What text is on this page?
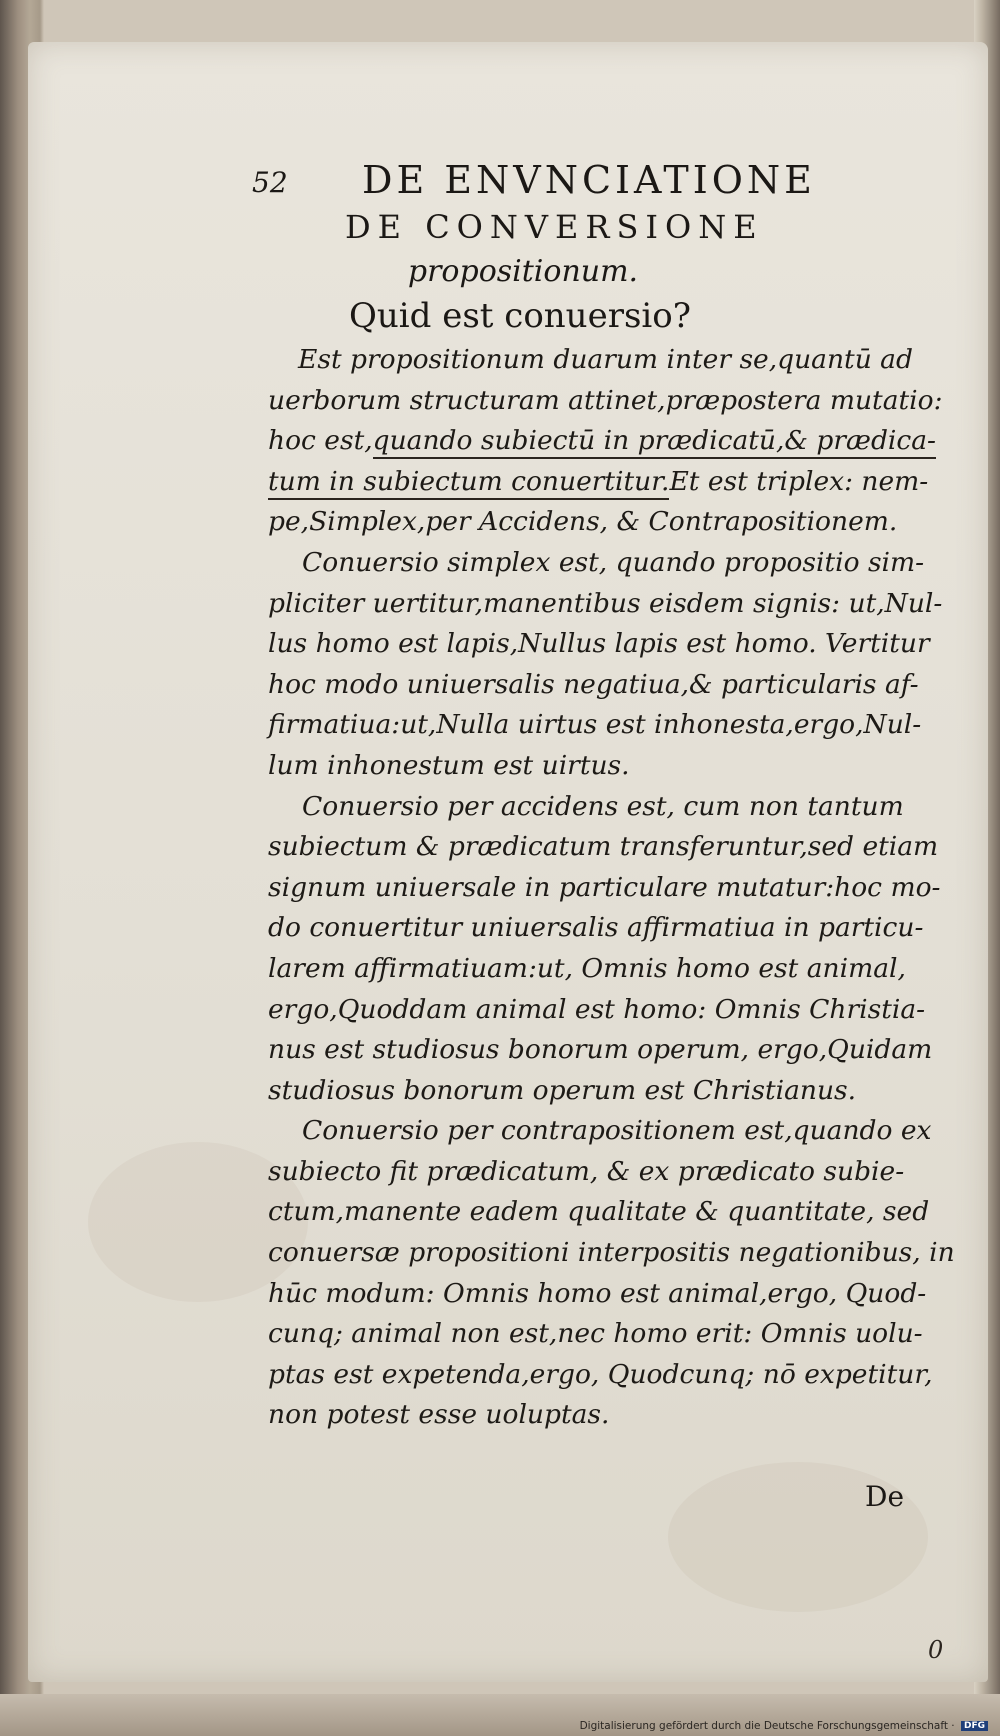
52 DE ENVNCIATIONE
DE CONVERSIONE
propositionum.
Quid est conuersio?
Est propositionum duarum inter se,quantū ad
uerborum structuram attinet,præpostera mutatio:
hoc est,quando subiectū in prædicatū,& prædica-
tum in subiectum conuertitur.Et est triplex: nem-
pe,Simplex,per Accidens, & Contrapositionem.
Conuersio simplex est, quando propositio sim-
pliciter uertitur,manentibus eisdem signis: ut,Nul-
lus homo est lapis,Nullus lapis est homo. Vertitur
hoc modo uniuersalis negatiua,& particularis af-
firmatiua:ut,Nulla uirtus est inhonesta,ergo,Nul-
lum inhonestum est uirtus.
Conuersio per accidens est, cum non tantum
subiectum & prædicatum transferuntur,sed etiam
signum uniuersale in particulare mutatur:hoc mo-
do conuertitur uniuersalis affirmatiua in particu-
larem affirmatiuam:ut, Omnis homo est animal,
ergo,Quoddam animal est homo: Omnis Christia-
nus est studiosus bonorum operum, ergo,Quidam
studiosus bonorum operum est Christianus.
Conuersio per contrapositionem est,quando ex
subiecto fit prædicatum, & ex prædicato subie-
ctum,manente eadem qualitate & quantitate, sed
conuersæ propositioni interpositis negationibus, in
hūc modum: Omnis homo est animal,ergo, Quod-
cunq; animal non est,nec homo erit: Omnis uolu-
ptas est expetenda,ergo, Quodcunq; nō expetitur,
non potest esse uoluptas.
De
0
Digitalisierung gefördert durch die Deutsche Forschungsgemeinschaft · DFG
